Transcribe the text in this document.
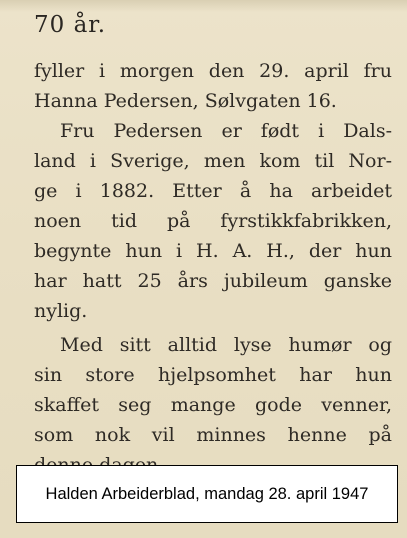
70 år.
fyller i morgen den 29. april fru
Hanna Pedersen, Sølvgaten 16.
Fru Pedersen er født i Dals-
land i Sverige, men kom til Nor-
ge i 1882. Etter å ha arbeidet
noen tid på fyrstikkfabrikken,
begynte hun i H. A. H., der hun
har hatt 25 års jubileum ganske
nylig.
Med sitt alltid lyse humør og
sin store hjelpsomhet har hun
skaffet seg mange gode venner,
som nok vil minnes henne på
Halden Arbeiderblad, mandag 28. april 1947
